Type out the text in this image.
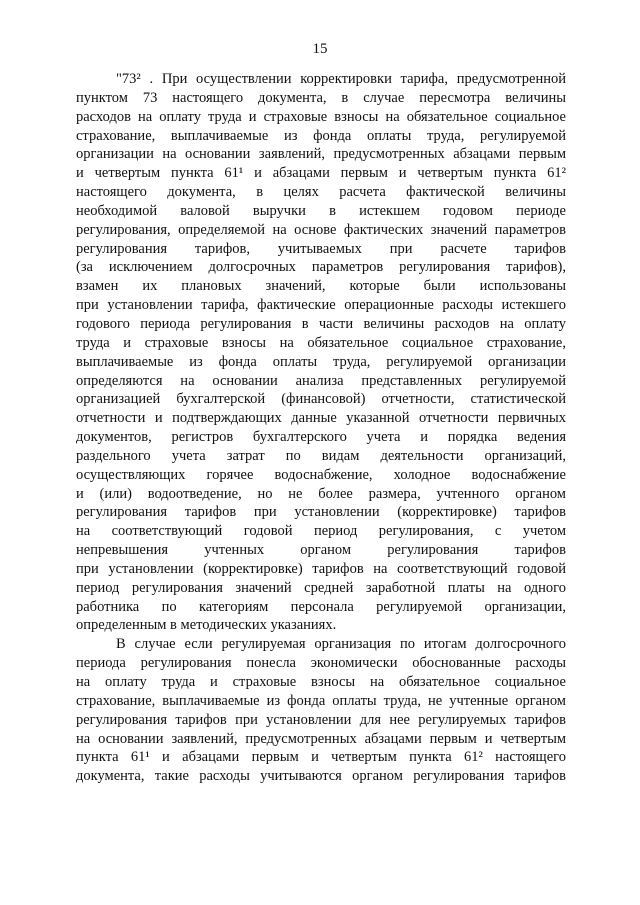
15
"73² . При осуществлении корректировки тарифа, предусмотренной
пунктом 73 настоящего документа, в случае пересмотра величины
расходов на оплату труда и страховые взносы на обязательное социальное
страхование, выплачиваемые из фонда оплаты труда, регулируемой
организации на основании заявлений, предусмотренных абзацами первым
и четвертым пункта 61¹ и абзацами первым и четвертым пункта 61²
настоящего документа, в целях расчета фактической величины
необходимой валовой выручки в истекшем годовом периоде
регулирования, определяемой на основе фактических значений параметров
регулирования тарифов, учитываемых при расчете тарифов
(за исключением долгосрочных параметров регулирования тарифов),
взамен их плановых значений, которые были использованы
при установлении тарифа, фактические операционные расходы истекшего
годового периода регулирования в части величины расходов на оплату
труда и страховые взносы на обязательное социальное страхование,
выплачиваемые из фонда оплаты труда, регулируемой организации
определяются на основании анализа представленных регулируемой
организацией бухгалтерской (финансовой) отчетности, статистической
отчетности и подтверждающих данные указанной отчетности первичных
документов, регистров бухгалтерского учета и порядка ведения
раздельного учета затрат по видам деятельности организаций,
осуществляющих горячее водоснабжение, холодное водоснабжение
и (или) водоотведение, но не более размера, учтенного органом
регулирования тарифов при установлении (корректировке) тарифов
на соответствующий годовой период регулирования, с учетом
непревышения учтенных органом регулирования тарифов
при установлении (корректировке) тарифов на соответствующий годовой
период регулирования значений средней заработной платы на одного
работника по категориям персонала регулируемой организации,
определенным в методических указаниях.
В случае если регулируемая организация по итогам долгосрочного
периода регулирования понесла экономически обоснованные расходы
на оплату труда и страховые взносы на обязательное социальное
страхование, выплачиваемые из фонда оплаты труда, не учтенные органом
регулирования тарифов при установлении для нее регулируемых тарифов
на основании заявлений, предусмотренных абзацами первым и четвертым
пункта 61¹ и абзацами первым и четвертым пункта 61² настоящего
документа, такие расходы учитываются органом регулирования тарифов
